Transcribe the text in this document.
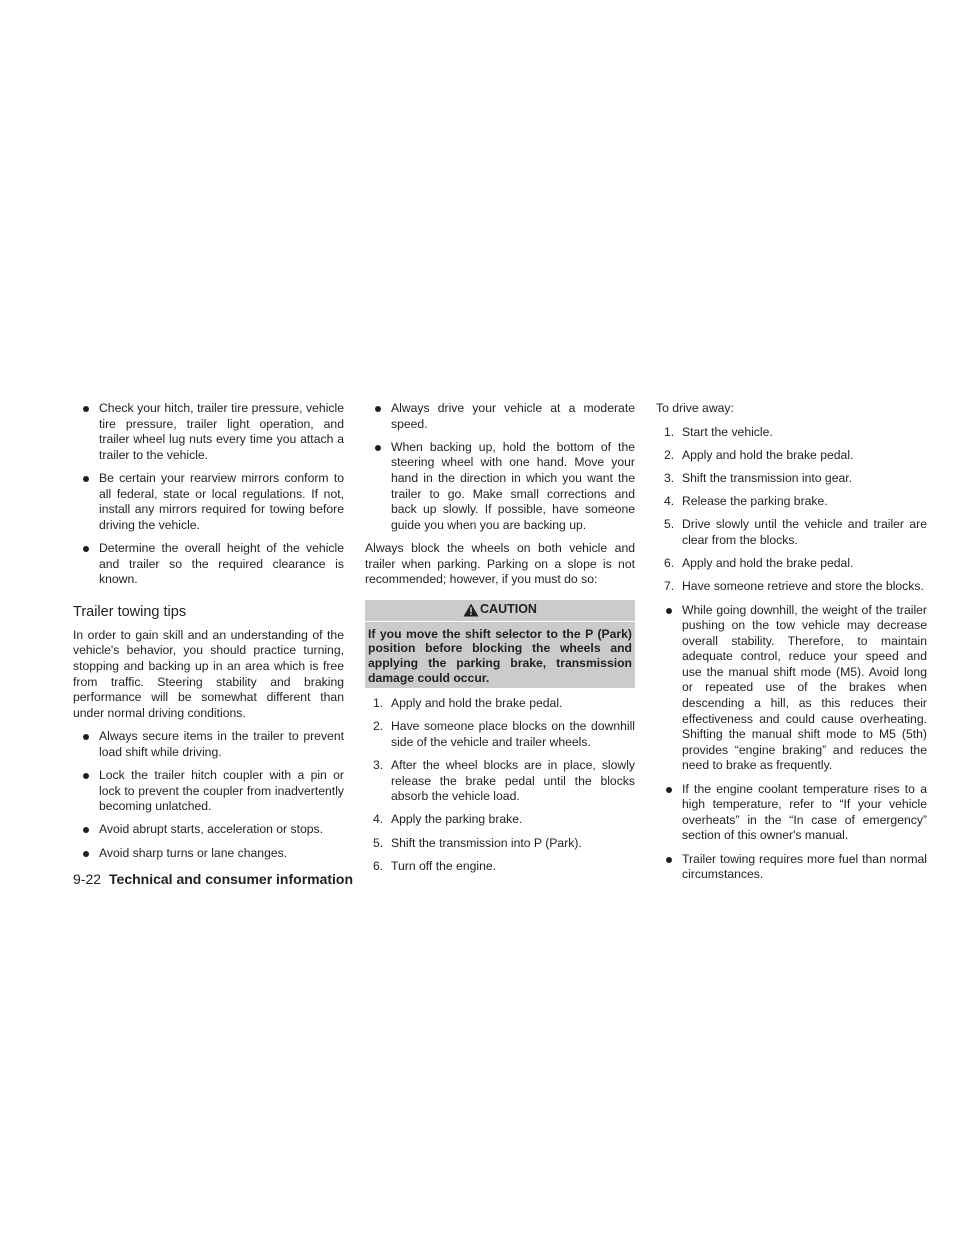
Check your hitch, trailer tire pressure, vehicle tire pressure, trailer light operation, and trailer wheel lug nuts every time you attach a trailer to the vehicle.
Be certain your rearview mirrors conform to all federal, state or local regulations. If not, install any mirrors required for towing before driving the vehicle.
Determine the overall height of the vehicle and trailer so the required clearance is known.
Trailer towing tips

In order to gain skill and an understanding of the vehicle's behavior, you should practice turning, stopping and backing up in an area which is free from traffic. Steering stability and braking performance will be somewhat different than under normal driving conditions.

Always secure items in the trailer to prevent load shift while driving.
Lock the trailer hitch coupler with a pin or lock to prevent the coupler from inadvertently becoming unlatched.
Avoid abrupt starts, acceleration or stops.
Avoid sharp turns or lane changes.
Always drive your vehicle at a moderate speed.
When backing up, hold the bottom of the steering wheel with one hand. Move your hand in the direction in which you want the trailer to go. Make small corrections and back up slowly. If possible, have someone guide you when you are backing up.

Always block the wheels on both vehicle and trailer when parking. Parking on a slope is not recommended; however, if you must do so:

CAUTION
If you move the shift selector to the P (Park) position before blocking the wheels and applying the parking brake, transmission damage could occur.
1. Apply and hold the brake pedal.
2. Have someone place blocks on the downhill side of the vehicle and trailer wheels.
3. After the wheel blocks are in place, slowly release the brake pedal until the blocks absorb the vehicle load.
4. Apply the parking brake.
5. Shift the transmission into P (Park).
6. Turn off the engine.

To drive away:

1. Start the vehicle.
2. Apply and hold the brake pedal.
3. Shift the transmission into gear.
4. Release the parking brake.
5. Drive slowly until the vehicle and trailer are clear from the blocks.
6. Apply and hold the brake pedal.
7. Have someone retrieve and store the blocks.
While going downhill, the weight of the trailer pushing on the tow vehicle may decrease overall stability. Therefore, to maintain adequate control, reduce your speed and use the manual shift mode (M5). Avoid long or repeated use of the brakes when descending a hill, as this reduces their effectiveness and could cause overheating. Shifting the manual shift mode to M5 (5th) provides “engine braking” and reduces the need to brake as frequently.
If the engine coolant temperature rises to a high temperature, refer to “If your vehicle overheats” in the “In case of emergency” section of this owner's manual.
Trailer towing requires more fuel than normal circumstances.
9-22 Technical and consumer information
